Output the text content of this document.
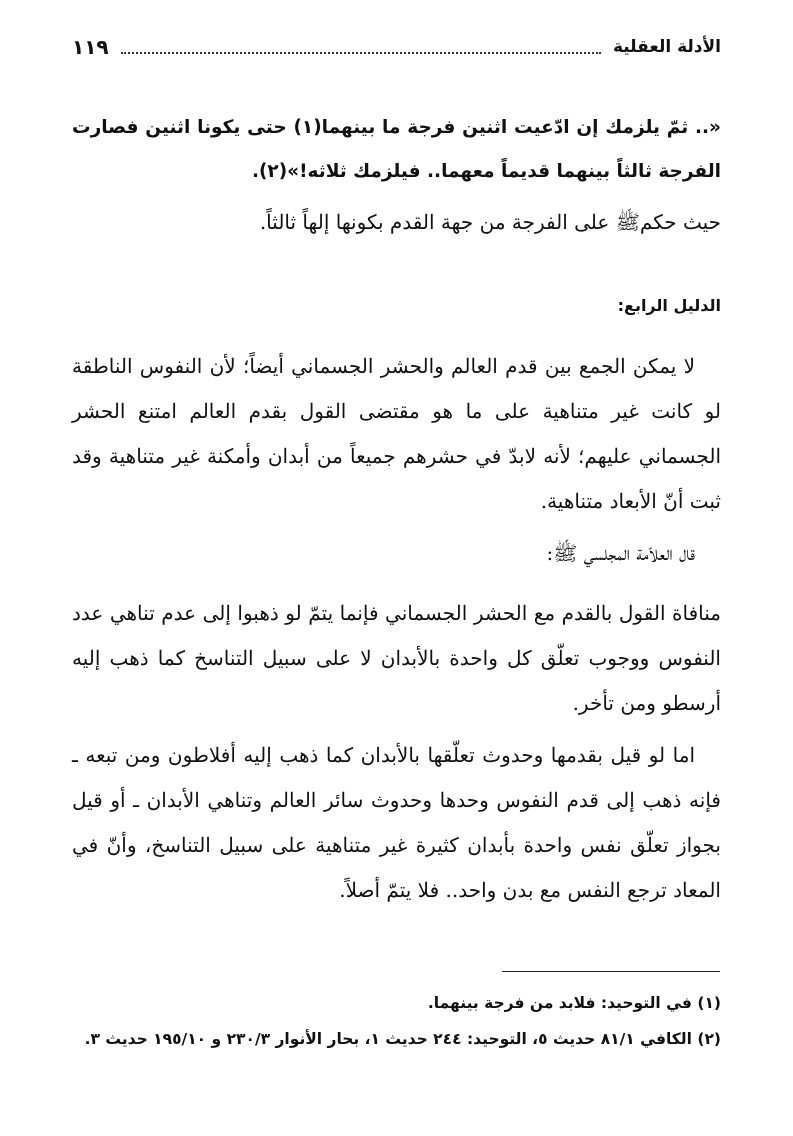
الأدلة العقلية
١١٩

«.. ثمّ يلزمك إن ادّعيت اثنين فرجة ما بينهما(١) حتى يكونا اثنين فصارت الفرجة ثالثاً بينهما قديماً معهما.. فيلزمك ثلاثه!»(٢).

حيث حكمﷺ على الفرجة من جهة القدم بكونها إلهاً ثالثاً.

الدليل الرابع:

لا يمكن الجمع بين قدم العالم والحشر الجسماني أيضاً؛ لأن النفوس الناطقة لو كانت غير متناهية على ما هو مقتضى القول بقدم العالم امتنع الحشر الجسماني عليهم؛ لأنه لابدّ في حشرهم جميعاً من أبدان وأمكنة غير متناهية وقد ثبت أنّ الأبعاد متناهية.

قال العلاّمة المجلسي ﷺ:

منافاة القول بالقدم مع الحشر الجسماني فإنما يتمّ لو ذهبوا إلى عدم تناهي عدد النفوس ووجوب تعلّق كل واحدة بالأبدان لا على سبيل التناسخ كما ذهب إليه أرسطو ومن تأخر.

اما لو قيل بقدمها وحدوث تعلّقها بالأبدان كما ذهب إليه أفلاطون ومن تبعه ـ فإنه ذهب إلى قدم النفوس وحدها وحدوث سائر العالم وتناهي الأبدان ـ أو قيل بجواز تعلّق نفس واحدة بأبدان كثيرة غير متناهية على سبيل التناسخ، وأنّ في المعاد ترجع النفس مع بدن واحد.. فلا يتمّ أصلاً.

(١) في التوحيد: فلابد من فرجة بينهما.

(٢) الكافي ٨١/١ حديث ٥، التوحيد: ٢٤٤ حديث ١، بحار الأنوار ٢٣٠/٣ و ١٩٥/١٠ حديث ٣.
